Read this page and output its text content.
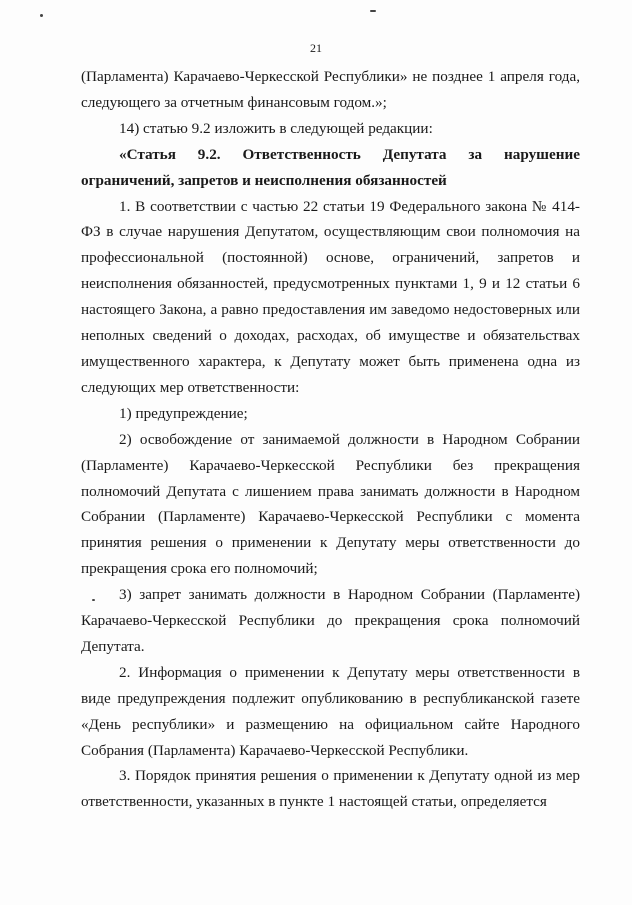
21

(Парламента) Карачаево-Черкесской Республики» не позднее 1 апреля года, следующего за отчетным финансовым годом.»;

14) статью 9.2 изложить в следующей редакции:

«Статья 9.2. Ответственность Депутата за нарушение ограничений, запретов и неисполнения обязанностей

1. В соответствии с частью 22 статьи 19 Федерального закона № 414-ФЗ в случае нарушения Депутатом, осуществляющим свои полномочия на профессиональной (постоянной) основе, ограничений, запретов и неисполнения обязанностей, предусмотренных пунктами 1, 9 и 12 статьи 6 настоящего Закона, а равно предоставления им заведомо недостоверных или неполных сведений о доходах, расходах, об имуществе и обязательствах имущественного характера, к Депутату может быть применена одна из следующих мер ответственности:

1) предупреждение;

2) освобождение от занимаемой должности в Народном Собрании (Парламенте) Карачаево-Черкесской Республики без прекращения полномочий Депутата с лишением права занимать должности в Народном Собрании (Парламенте) Карачаево-Черкесской Республики с момента принятия решения о применении к Депутату меры ответственности до прекращения срока его полномочий;

3) запрет занимать должности в Народном Собрании (Парламенте) Карачаево-Черкесской Республики до прекращения срока полномочий Депутата.

2. Информация о применении к Депутату меры ответственности в виде предупреждения подлежит опубликованию в республиканской газете «День республики» и размещению на официальном сайте Народного Собрания (Парламента) Карачаево-Черкесской Республики.

3. Порядок принятия решения о применении к Депутату одной из мер ответственности, указанных в пункте 1 настоящей статьи, определяется
